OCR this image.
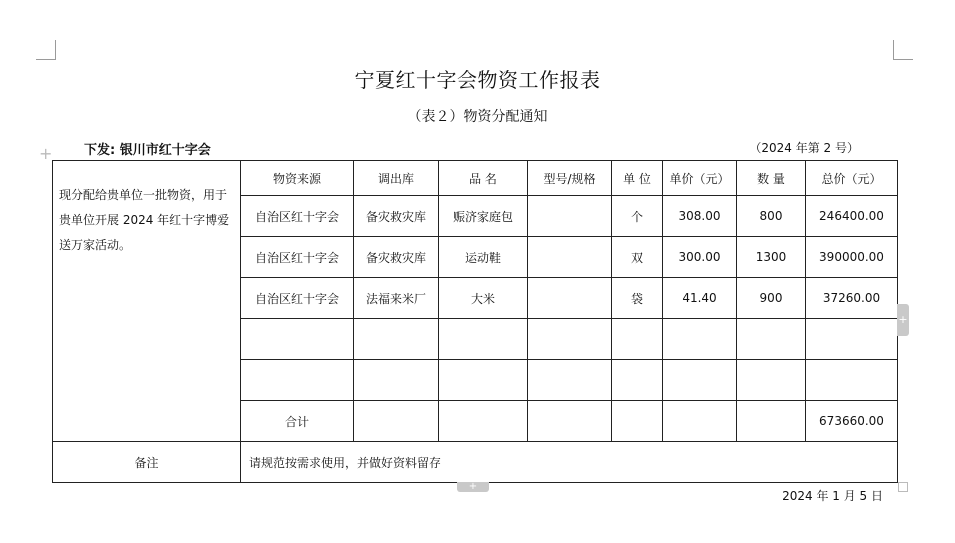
宁夏红十字会物资工作报表
（表２）物资分配通知
下发: 银川市红十字会	（2024 年第 2 号）
+
现分配给贵单位一批物资，用于贵单位开展 2024 年红十字博爱送万家活动。	物资来源	调出库	品 名	型号/规格	单 位	单价（元）	数 量	总价（元）
	自治区红十字会	备灾救灾库	赈济家庭包		个	308.00	800	246400.00
	自治区红十字会	备灾救灾库	运动鞋		双	300.00	1300	390000.00
	自治区红十字会	法福来米厂	大米		袋	41.40	900	37260.00

	合计							673660.00
备注	请规范按需求使用，并做好资料留存							
+
+
2024 年 1 月 5 日
